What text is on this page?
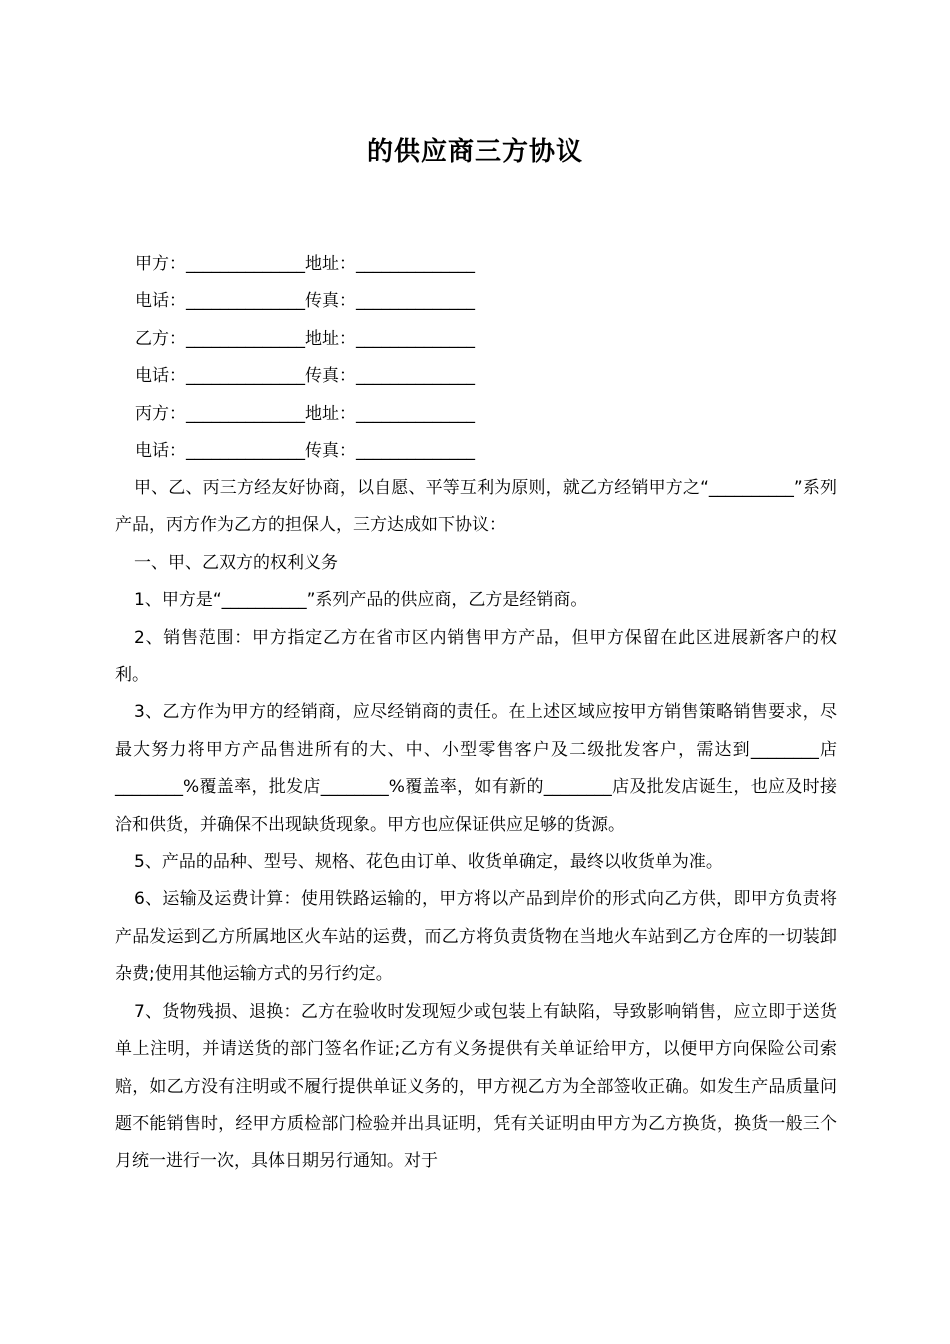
的供应商三方协议
甲方：______________地址：______________
电话：______________传真：______________
乙方：______________地址：______________
电话：______________传真：______________
丙方：______________地址：______________
电话：______________传真：______________

甲、乙、丙三方经友好协商，以自愿、平等互利为原则，就乙方经销甲方之“__________”系列产品，丙方作为乙方的担保人，三方达成如下协议：

一、甲、乙双方的权利义务

1、甲方是“__________”系列产品的供应商，乙方是经销商。

2、销售范围：甲方指定乙方在省市区内销售甲方产品，但甲方保留在此区进展新客户的权利。

3、乙方作为甲方的经销商，应尽经销商的责任。在上述区域应按甲方销售策略销售要求，尽最大努力将甲方产品售进所有的大、中、小型零售客户及二级批发客户，需达到________店________%覆盖率，批发店________%覆盖率，如有新的________店及批发店诞生，也应及时接洽和供货，并确保不出现缺货现象。甲方也应保证供应足够的货源。

5、产品的品种、型号、规格、花色由订单、收货单确定，最终以收货单为准。

6、运输及运费计算：使用铁路运输的，甲方将以产品到岸价的形式向乙方供，即甲方负责将产品发运到乙方所属地区火车站的运费，而乙方将负责货物在当地火车站到乙方仓库的一切装卸杂费;使用其他运输方式的另行约定。

7、货物残损、退换：乙方在验收时发现短少或包装上有缺陷，导致影响销售，应立即于送货单上注明，并请送货的部门签名作证;乙方有义务提供有关单证给甲方，以便甲方向保险公司索赔，如乙方没有注明或不履行提供单证义务的，甲方视乙方为全部签收正确。如发生产品质量问题不能销售时，经甲方质检部门检验并出具证明，凭有关证明由甲方为乙方换货，换货一般三个月统一进行一次，具体日期另行通知。对于
